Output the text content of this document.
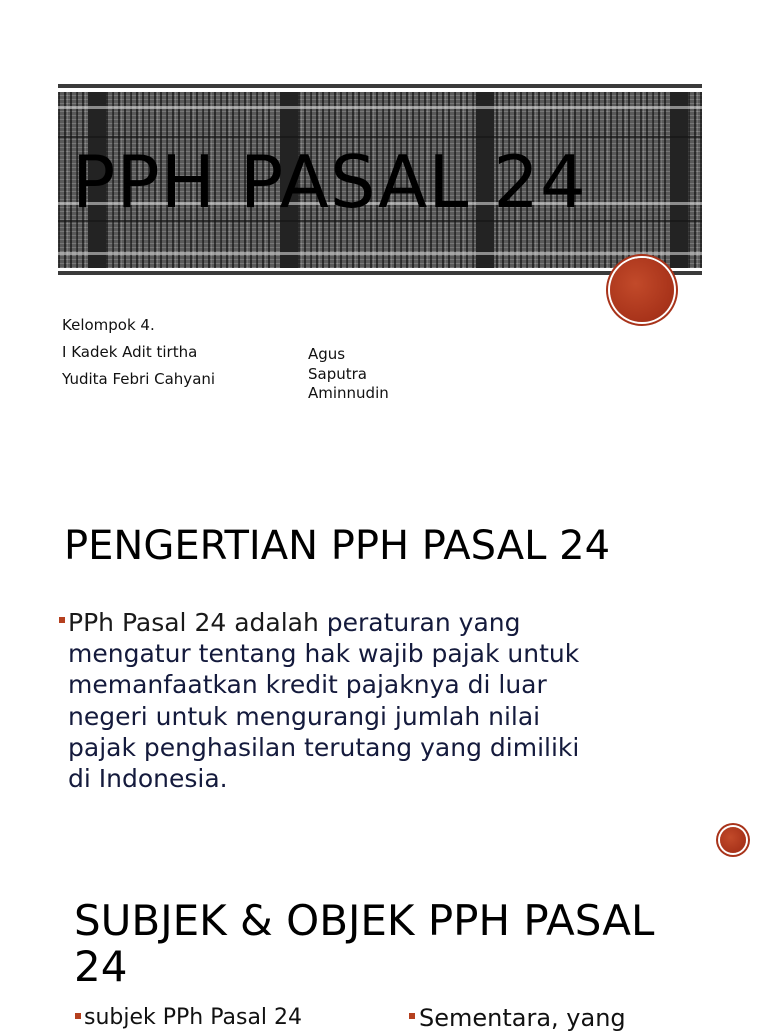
PPH PASAL 24
Kelompok 4.
I Kadek Adit tirtha
Yudita Febri Cahyani
Agus
Saputra
Aminnudin
PENGERTIAN PPH PASAL 24
PPh Pasal 24 adalah peraturan yang
mengatur tentang hak wajib pajak untuk
memanfaatkan kredit pajaknya di luar
negeri untuk mengurangi jumlah nilai
pajak penghasilan terutang yang dimiliki
di Indonesia.
SUBJEK & OBJEK PPH PASAL
24
subjek PPh Pasal 24	Sementara, yang
